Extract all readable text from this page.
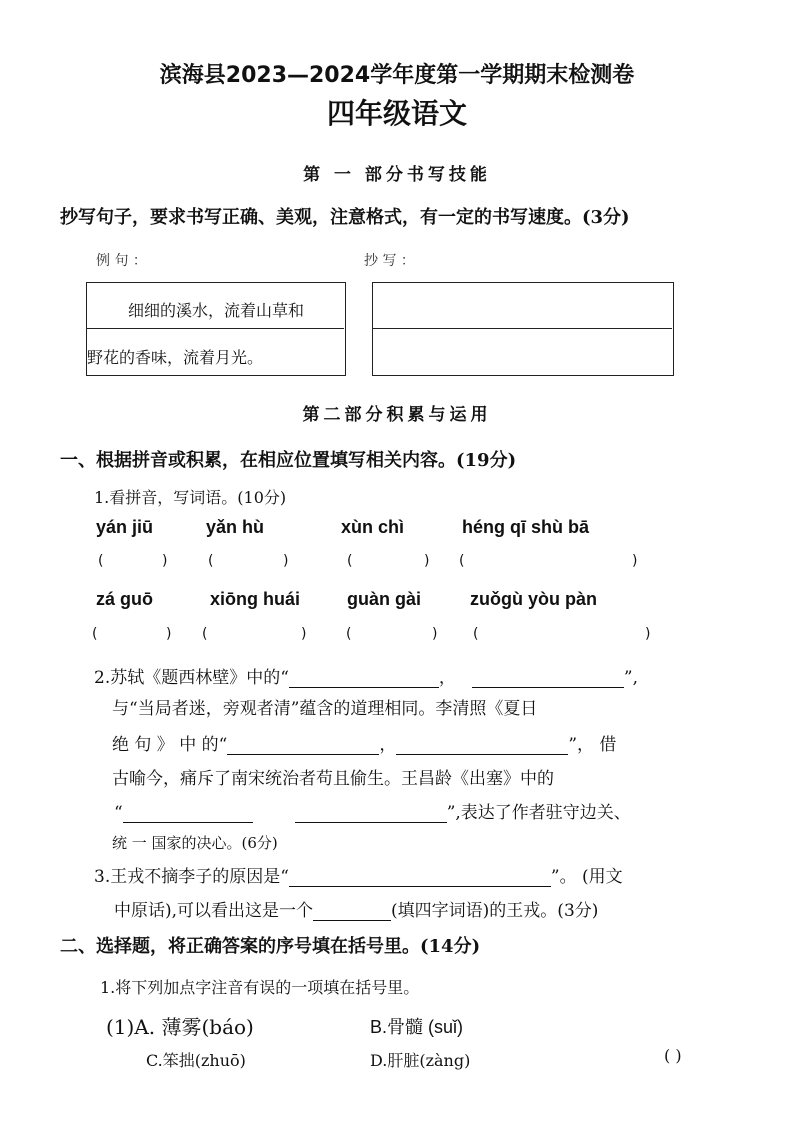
滨海县2023—2024学年度第一学期期末检测卷
四年级语文
第 一 部分书写技能
抄写句子，要求书写正确、美观，注意格式，有一定的书写速度。(3分)
例 句 ：	抄 写 ：
细细的溪水，流着山草和
野花的香味，流着月光。
第二部分积累与运用
一、根据拼音或积累，在相应位置填写相关内容。(19分)
1.看拼音，写词语。(10分)
yán jiū	yǎn hù	xùn chì	héng qī shù bā
(	)	(	)	(	) (	)
zá guō	xiōng huái	guàn gài	zuǒgù yòu pàn
(	) (	)	(	)	(	)
2.苏轼《题西林壁》中的“	，	”,
与“当局者迷，旁观者清”蕴含的道理相同。李清照《夏日
绝 句 》 中 的“	，	”， 借
古喻今，痛斥了南宋统治者苟且偷生。王昌龄《出塞》中的
“	”,表达了作者驻守边关、
统 一 国家的决心。(6分)
3.王戎不摘李子的原因是“	”。 (用文
中原话),可以看出这是一个	(填四字词语)的王戎。(3分)
二、选择题，将正确答案的序号填在括号里。(14分)
1.将下列加点字注音有误的一项填在括号里。
(1)A. 薄雾(báo)	B.骨髓 (suǐ)
C.笨拙(zhuō)	D.肝脏(zàng)	( )
